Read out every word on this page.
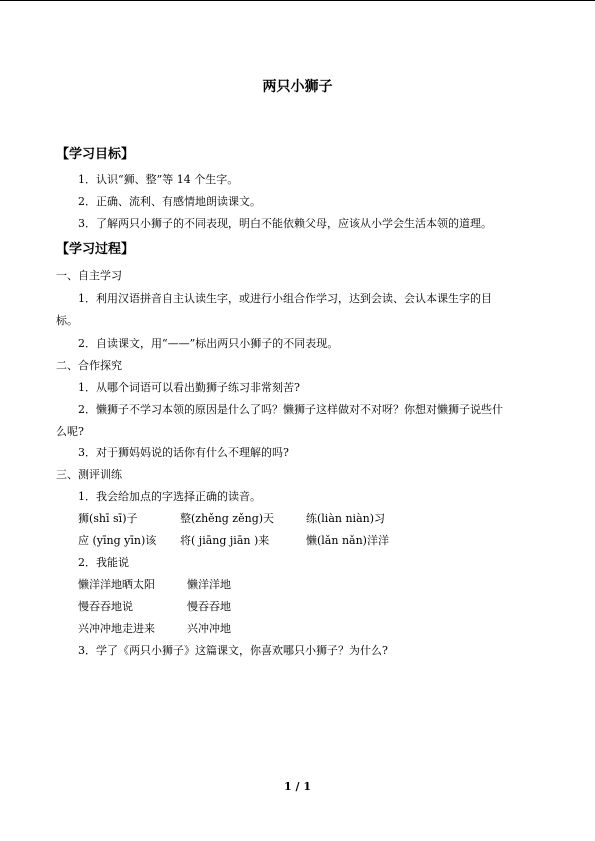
两只小狮子
【学习目标】
1．认识“狮、整”等 14 个生字。
2．正确、流利、有感情地朗读课文。
3．了解两只小狮子的不同表现，明白不能依赖父母，应该从小学会生活本领的道理。
【学习过程】
一、自主学习
1．利用汉语拼音自主认读生字，或进行小组合作学习，达到会读、会认本课生字的目
标。
2．自读课文，用“——”标出两只小狮子的不同表现。
二、合作探究
1．从哪个词语可以看出勤狮子练习非常刻苦?
2．懒狮子不学习本领的原因是什么了吗？懒狮子这样做对不对呀？你想对懒狮子说些什
么呢?
3．对于狮妈妈说的话你有什么不理解的吗?
三、测评训练
1．我会给加点的字选择正确的读音。
狮(shī sī)子	整(zhěng zěng)天	练(liàn niàn)习
应 (yīng yīn)该 将( jiāng jiān )来	懒(lǎn nǎn)洋洋
2．我能说
懒洋洋地晒太阳	懒洋洋地
慢吞吞地说	慢吞吞地
兴冲冲地走进来	兴冲冲地
3．学了《两只小狮子》这篇课文，你喜欢哪只小狮子？为什么?
1 / 1
